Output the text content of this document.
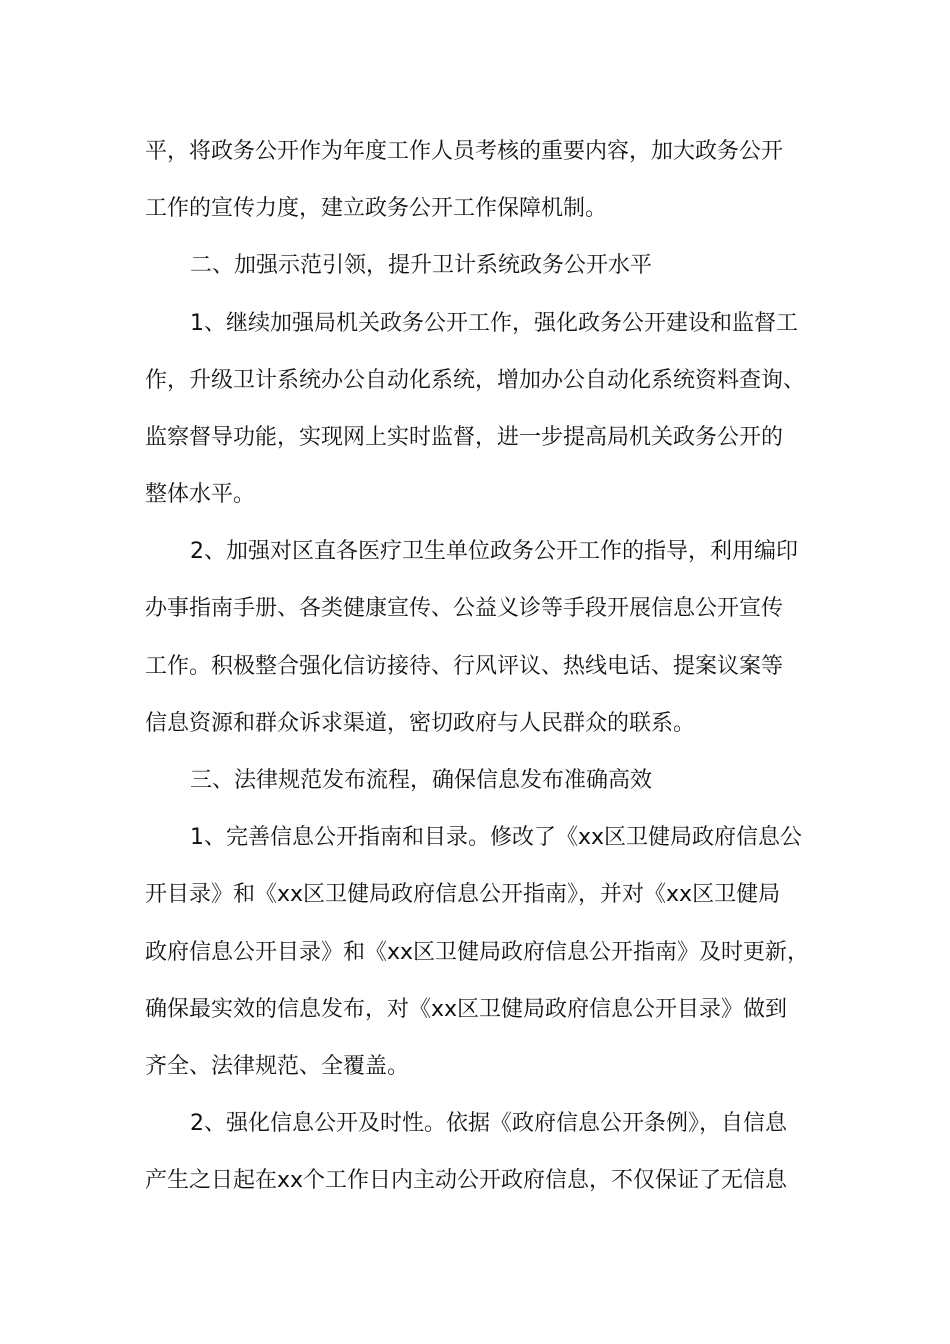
平，将政务公开作为年度工作人员考核的重要内容，加大政务公开

工作的宣传力度，建立政务公开工作保障机制。

二、加强示范引领，提升卫计系统政务公开水平

1、继续加强局机关政务公开工作，强化政务公开建设和监督工

作，升级卫计系统办公自动化系统，增加办公自动化系统资料查询、

监察督导功能，实现网上实时监督，进一步提高局机关政务公开的

整体水平。

2、加强对区直各医疗卫生单位政务公开工作的指导，利用编印

办事指南手册、各类健康宣传、公益义诊等手段开展信息公开宣传

工作。积极整合强化信访接待、行风评议、热线电话、提案议案等

信息资源和群众诉求渠道，密切政府与人民群众的联系。

三、法律规范发布流程，确保信息发布准确高效

1、完善信息公开指南和目录。修改了《xx区卫健局政府信息公

开目录》和《xx区卫健局政府信息公开指南》，并对《xx区卫健局

政府信息公开目录》和《xx区卫健局政府信息公开指南》及时更新，

确保最实效的信息发布，对《xx区卫健局政府信息公开目录》做到

齐全、法律规范、全覆盖。

2、强化信息公开及时性。依据《政府信息公开条例》，自信息

产生之日起在xx个工作日内主动公开政府信息，不仅保证了无信息
